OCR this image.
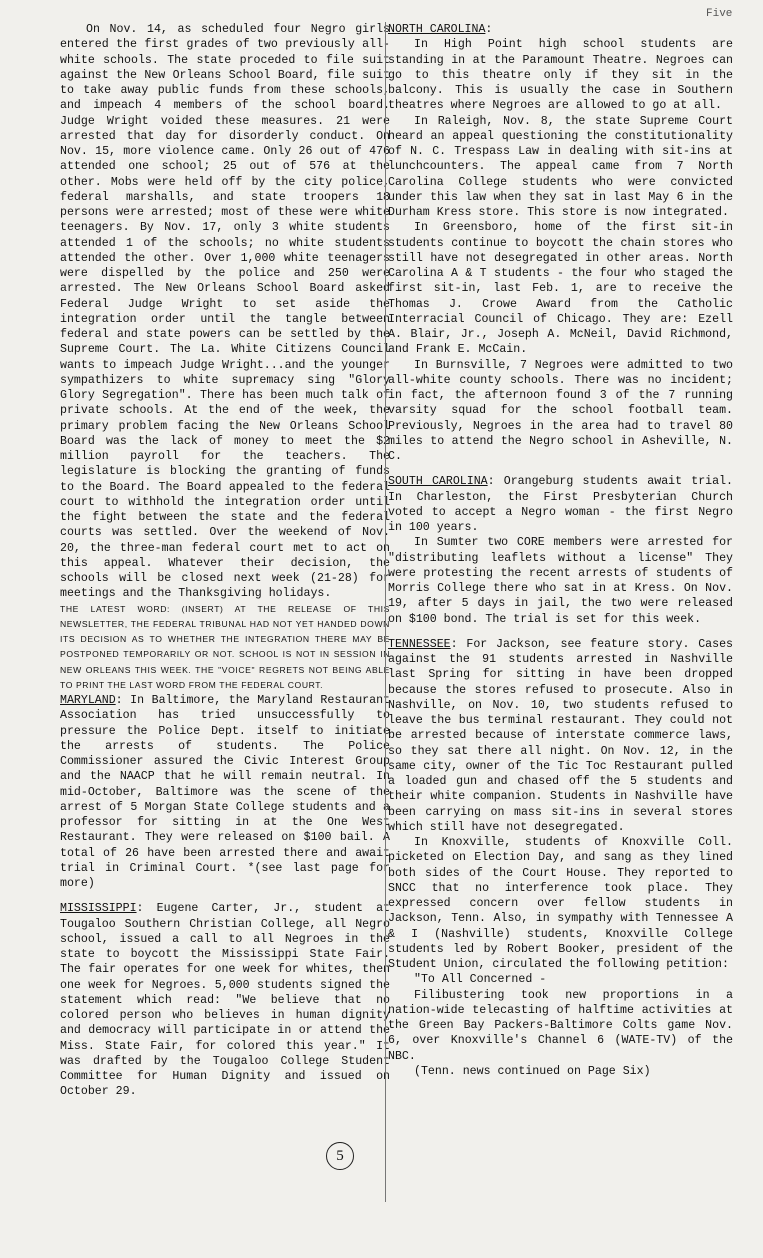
Five

On Nov. 14, as scheduled four Negro girls entered the first grades of two previously all-white schools. The state proceded to file suit against the New Orleans School Board, file suit to take away public funds from these schools, and impeach 4 members of the school board. Judge Wright voided these measures. 21 were arrested that day for disorderly conduct. On Nov. 15, more violence came. Only 26 out of 476 attended one school; 25 out of 576 at the other. Mobs were held off by the city police, federal marshalls, and state troopers 18 persons were arrested; most of these were white teenagers. By Nov. 17, only 3 white students attended 1 of the schools; no white students attended the other. Over 1,000 white teenagers were dispelled by the police and 250 were arrested. The New Orleans School Board asked Federal Judge Wright to set aside the integration order until the tangle between federal and state powers can be settled by the Supreme Court. The La. White Citizens Council wants to impeach Judge Wright...and the younger sympathizers to white supremacy sing "Glory Glory Segregation". There has been much talk of private schools. At the end of the week, the primary problem facing the New Orleans School Board was the lack of money to meet the $2 million payroll for the teachers. The legislature is blocking the granting of funds to the Board. The Board appealed to the federal court to withhold the integration order until the fight between the state and the federal courts was settled. Over the weekend of Nov. 20, the three-man federal court met to act on this appeal. Whatever their decision, the schools will be closed next week (21-28) for meetings and the Thanksgiving holidays.

THE LATEST WORD: (INSERT) AT THE RELEASE OF THIS NEWSLETTER, THE FEDERAL TRIBUNAL HAD NOT YET HANDED DOWN ITS DECISION AS TO WHETHER THE INTEGRATION THERE MAY BE POSTPONED TEMPORARILY OR NOT. SCHOOL IS NOT IN SESSION IN NEW ORLEANS THIS WEEK. THE "VOICE" REGRETS NOT BEING ABLE TO PRINT THE LAST WORD FROM THE FEDERAL COURT.

MARYLAND: In Baltimore, the Maryland Restaurant Association has tried unsuccessfully to pressure the Police Dept. itself to initiate the arrests of students. The Police Commissioner assured the Civic Interest Group and the NAACP that he will remain neutral. In mid-October, Baltimore was the scene of the arrest of 5 Morgan State College students and a professor for sitting in at the One West Restaurant. They were released on $100 bail. A total of 26 have been arrested there and await trial in Criminal Court. *(see last page for more)

MISSISSIPPI: Eugene Carter, Jr., student at Tougaloo Southern Christian College, all Negro school, issued a call to all Negroes in the state to boycott the Mississippi State Fair. The fair operates for one week for whites, then one week for Negroes. 5,000 students signed the statement which read: "We believe that no colored person who believes in human dignity and democracy will participate in or attend the Miss. State Fair, for colored this year." It was drafted by the Tougaloo College Student Committee for Human Dignity and issued on October 29.

NORTH CAROLINA:

In High Point high school students are standing in at the Paramount Theatre. Negroes can go to this theatre only if they sit in the balcony. This is usually the case in Southern theatres where Negroes are allowed to go at all.

In Raleigh, Nov. 8, the state Supreme Court heard an appeal questioning the constitutionality of N. C. Trespass Law in dealing with sit-ins at lunchcounters. The appeal came from 7 North Carolina College students who were convicted under this law when they sat in last May 6 in the Durham Kress store. This store is now integrated.

In Greensboro, home of the first sit-in students continue to boycott the chain stores who still have not desegregated in other areas. North Carolina A & T students - the four who staged the first sit-in, last Feb. 1, are to receive the Thomas J. Crowe Award from the Catholic Interracial Council of Chicago. They are: Ezell A. Blair, Jr., Joseph A. McNeil, David Richmond, and Frank E. McCain.

In Burnsville, 7 Negroes were admitted to two all-white county schools. There was no incident; in fact, the afternoon found 3 of the 7 running varsity squad for the school football team. Previously, Negroes in the area had to travel 80 miles to attend the Negro school in Asheville, N. C.

SOUTH CAROLINA: Orangeburg students await trial. In Charleston, the First Presbyterian Church voted to accept a Negro woman - the first Negro in 100 years.

In Sumter two CORE members were arrested for "distributing leaflets without a license" They were protesting the recent arrests of students of Morris College there who sat in at Kress. On Nov. 19, after 5 days in jail, the two were released on $100 bond. The trial is set for this week.

TENNESSEE: For Jackson, see feature story. Cases against the 91 students arrested in Nashville last Spring for sitting in have been dropped because the stores refused to prosecute. Also in Nashville, on Nov. 10, two students refused to leave the bus terminal restaurant. They could not be arrested because of interstate commerce laws, so they sat there all night. On Nov. 12, in the same city, owner of the Tic Toc Restaurant pulled a loaded gun and chased off the 5 students and their white companion. Students in Nashville have been carrying on mass sit-ins in several stores which still have not desegregated.

In Knoxville, students of Knoxville Coll. picketed on Election Day, and sang as they lined both sides of the Court House. They reported to SNCC that no interference took place. They expressed concern over fellow students in Jackson, Tenn. Also, in sympathy with Tennessee A & I (Nashville) students, Knoxville College students led by Robert Booker, president of the Student Union, circulated the following petition:

"To All Concerned -

Filibustering took new proportions in a nation-wide telecasting of halftime activities at the Green Bay Packers-Baltimore Colts game Nov. 6, over Knoxville's Channel 6 (WATE-TV) of the NBC.

(Tenn. news continued on Page Six)

5
